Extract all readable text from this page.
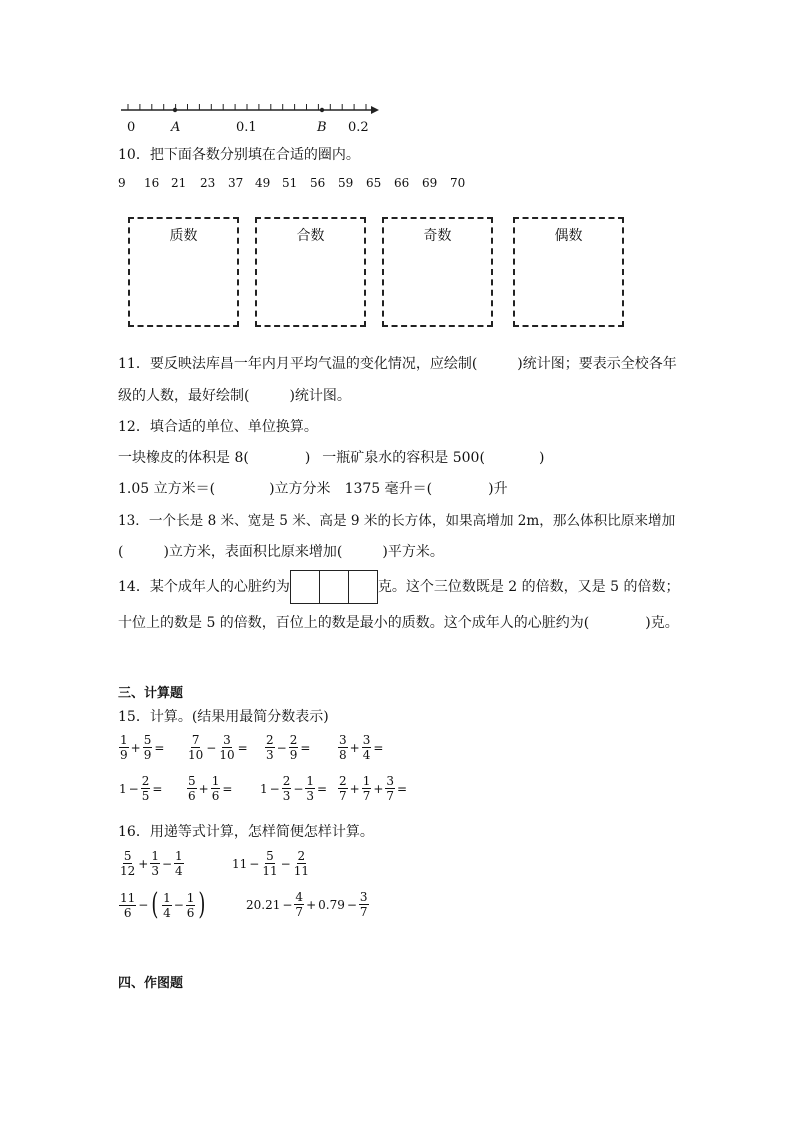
0	A	0.1	B 0.2
10．把下面各数分别填在合适的圈内。
9 16 21 23 37 49 51 56 59 65 66 69 70
质数	合数	奇数	偶数
11．要反映法库昌一年内月平均气温的变化情况，应绘制(	)统计图；要表示全校各年
级的人数，最好绘制(	)统计图。
12．填合适的单位、单位换算。
一块橡皮的体积是 8(	) 一瓶矿泉水的容积是 500(	)
1.05 立方米＝(	)立方分米 1375 毫升＝(	)升
13．一个长是 8 米、宽是 5 米、高是 9 米的长方体，如果高增加 2m，那么体积比原来增加
(	)立方米，表面积比原来增加(	)平方米。
14．某个成年人的心脏约为	克。这个三位数既是 2 的倍数，又是 5 的倍数；
十位上的数是 5 的倍数，百位上的数是最小的质数。这个成年人的心脏约为(	)克。
三、计算题
15．计算。(结果用最简分数表示)
$\frac{1}{9} + \frac{5}{9} = \frac{7}{10} - \frac{3}{10} = \frac{2}{3} - \frac{2}{9} = \frac{3}{8} + \frac{3}{4}$ =
$1 - \frac{2}{5} = \frac{5}{6} + \frac{1}{6} = 1 - \frac{2}{3} - \frac{1}{3} = \frac{2}{7} + \frac{1}{7} + \frac{3}{7}$ =
16．用递等式计算，怎样简便怎样计算。
$\frac{5}{12} + \frac{1}{3} - \frac{1}{4}$	$11 - \frac{5}{11} - \frac{2}{11}$
$\frac{11}{6}$ − ( $\frac{1}{4} - \frac{1}{6}$ )	$20.21 - \frac{4}{7} + 0.79 - \frac{3}{7}$
四、作图题
